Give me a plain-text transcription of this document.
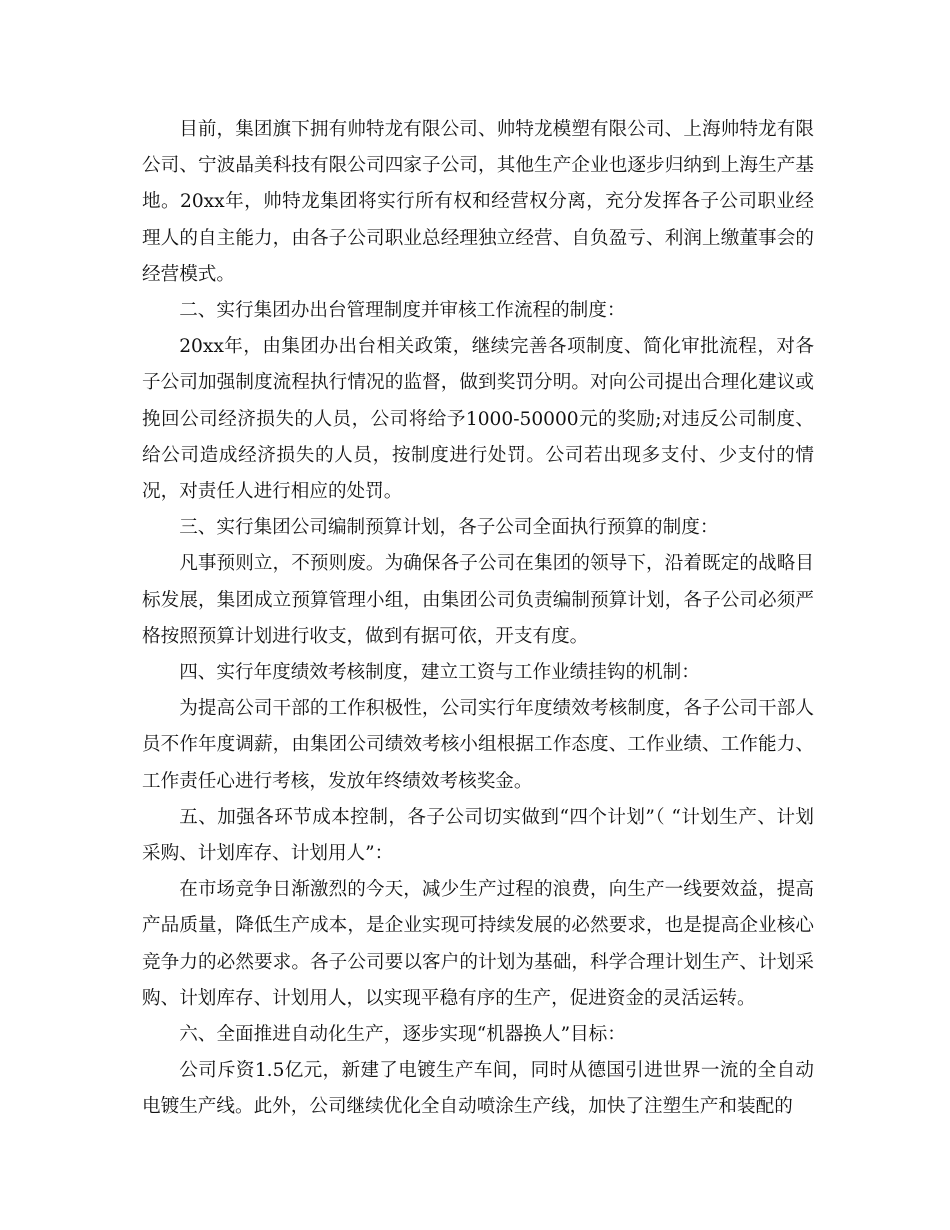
目前，集团旗下拥有帅特龙有限公司、帅特龙模塑有限公司、上海帅特龙有限公司、宁波晶美科技有限公司四家子公司，其他生产企业也逐步归纳到上海生产基地。20xx年，帅特龙集团将实行所有权和经营权分离，充分发挥各子公司职业经理人的自主能力，由各子公司职业总经理独立经营、自负盈亏、利润上缴董事会的经营模式。

二、实行集团办出台管理制度并审核工作流程的制度：

20xx年，由集团办出台相关政策，继续完善各项制度、简化审批流程，对各子公司加强制度流程执行情况的监督，做到奖罚分明。对向公司提出合理化建议或挽回公司经济损失的人员，公司将给予1000-50000元的奖励;对违反公司制度、给公司造成经济损失的人员，按制度进行处罚。公司若出现多支付、少支付的情况，对责任人进行相应的处罚。

三、实行集团公司编制预算计划，各子公司全面执行预算的制度：

凡事预则立，不预则废。为确保各子公司在集团的领导下，沿着既定的战略目标发展，集团成立预算管理小组，由集团公司负责编制预算计划，各子公司必须严格按照预算计划进行收支，做到有据可依，开支有度。

四、实行年度绩效考核制度，建立工资与工作业绩挂钩的机制：

为提高公司干部的工作积极性，公司实行年度绩效考核制度，各子公司干部人员不作年度调薪，由集团公司绩效考核小组根据工作态度、工作业绩、工作能力、工作责任心进行考核，发放年终绩效考核奖金。

五、加强各环节成本控制，各子公司切实做到“四个计划”（ “计划生产、计划采购、计划库存、计划用人”：

在市场竞争日渐激烈的今天，减少生产过程的浪费，向生产一线要效益，提高产品质量，降低生产成本，是企业实现可持续发展的必然要求，也是提高企业核心竞争力的必然要求。各子公司要以客户的计划为基础，科学合理计划生产、计划采购、计划库存、计划用人，以实现平稳有序的生产，促进资金的灵活运转。

六、全面推进自动化生产，逐步实现“机器换人”目标：

公司斥资1.5亿元，新建了电镀生产车间，同时从德国引进世界一流的全自动电镀生产线。此外，公司继续优化全自动喷涂生产线，加快了注塑生产和装配的
